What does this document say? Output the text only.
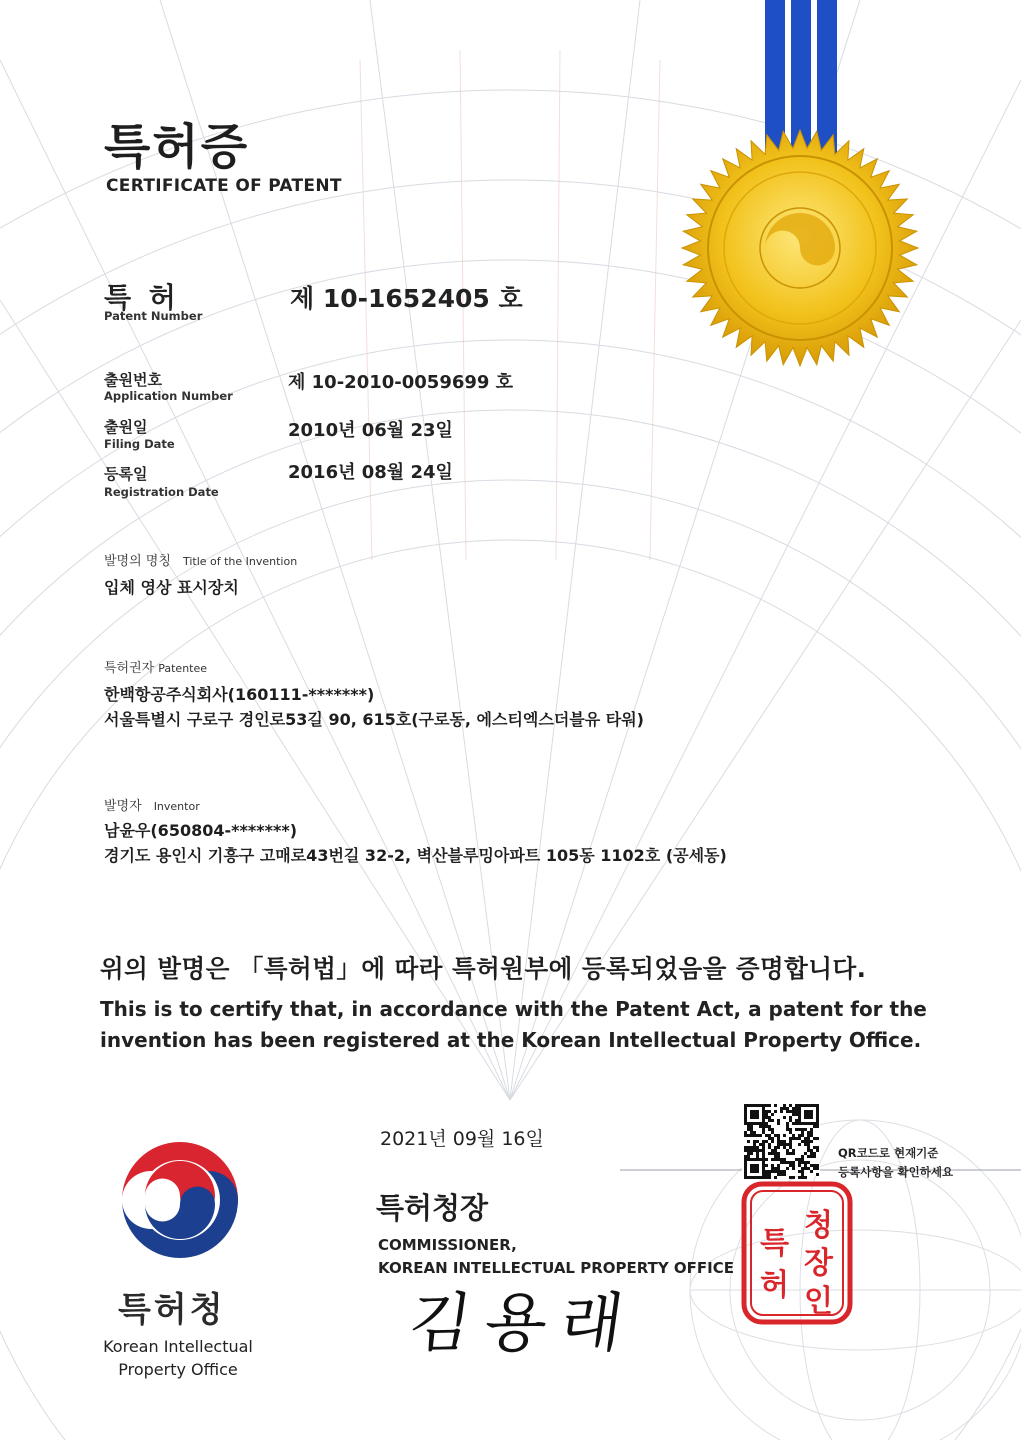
특허증
CERTIFICATE OF PATENT
특 허
Patent Number
제 10-1652405 호
출원번호
Application Number
제 10-2010-0059699 호
출원일
Filing Date
2010년 06월 23일
등록일
Registration Date
2016년 08월 24일
발명의 명칭 Title of the Invention
입체 영상 표시장치
특허권자 Patentee
한백항공주식회사(160111-*******)
서울특별시 구로구 경인로53길 90, 615호(구로동, 에스티엑스더블유 타워)
발명자 Inventor
남윤우(650804-*******)
경기도 용인시 기흥구 고매로43번길 32-2, 벽산블루밍아파트 105동 1102호 (공세동)
위의 발명은 「특허법」에 따라 특허원부에 등록되었음을 증명합니다.
This is to certify that, in accordance with the Patent Act, a patent for the
invention has been registered at the Korean Intellectual Property Office.
2021년 09월 16일
QR코드로 현재기준
등록사항을 확인하세요
특허청장
COMMISSIONER,
KOREAN INTELLECTUAL PROPERTY OFFICE
김용래
청
장
인
특
허
특허청
Korean Intellectual
Property Office
